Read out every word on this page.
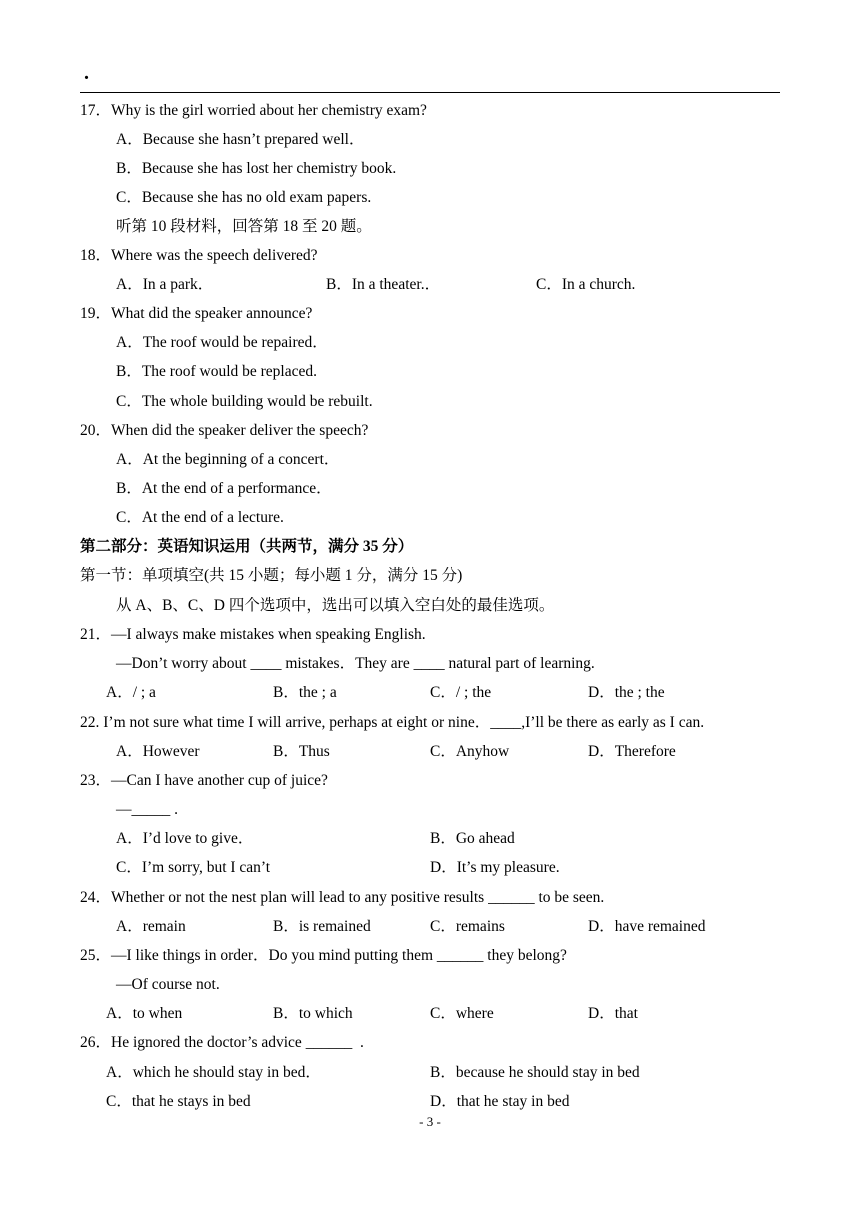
.
17．Why is the girl worried about her chemistry exam?
A．Because she hasn’t prepared well．
B．Because she has lost her chemistry book.
C．Because she has no old exam papers.
听第 10 段材料，回答第 18 至 20 题。
18．Where was the speech delivered?
A．In a park．	B．In a theater.．	C．In a church.
19．What did the speaker announce?
A．The roof would be repaired．
B．The roof would be replaced.
C．The whole building would be rebuilt.
20．When did the speaker deliver the speech?
A．At the beginning of a concert．
B．At the end of a performance．
C．At the end of a lecture.
第二部分：英语知识运用（共两节，满分 35 分）
第一节：单项填空(共 15 小题；每小题 1 分，满分 15 分)
从 A、B、C、D 四个选项中，选出可以填入空白处的最佳选项。
21．—I always make mistakes when speaking English.
—Don’t worry about ____ mistakes．They are ____ natural part of learning.
A．/ ; a	B．the ; a	C．/ ; the	D．the ; the
22. I’m not sure what time I will arrive, perhaps at eight or nine．____,I’ll be there as early as I can.
A．However	B．Thus	C．Anyhow	D．Therefore
23．—Can I have another cup of juice?
—_____ .
A．I’d love to give．	B．Go ahead
C．I’m sorry, but I can’t	D．It’s my pleasure.
24．Whether or not the nest plan will lead to any positive results ______ to be seen.
A．remain	B．is remained	C．remains	D．have remained
25．—I like things in order．Do you mind putting them ______ they belong?
—Of course not.
A．to when	B．to which	C．where	D．that
26．He ignored the doctor’s advice ______  .
A．which he should stay in bed．	B．because he should stay in bed
C．that he stays in bed	D．that he stay in bed
- 3 -
